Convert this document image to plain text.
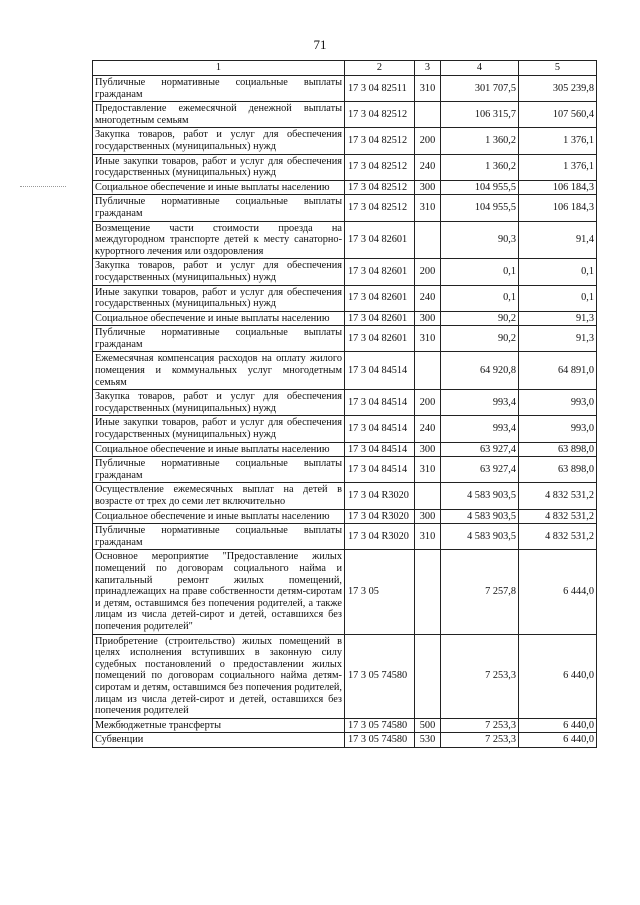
71
1	2	3	4	5
Публичные нормативные социальные выплаты гражданам	17 3 04 82511	310	301 707,5	305 239,8
Предоставление ежемесячной денежной выплаты многодетным семьям	17 3 04 82512		106 315,7	107 560,4
Закупка товаров, работ и услуг для обеспечения государственных (муниципальных) нужд	17 3 04 82512	200	1 360,2	1 376,1
Иные закупки товаров, работ и услуг для обеспечения государственных (муниципальных) нужд	17 3 04 82512	240	1 360,2	1 376,1
Социальное обеспечение и иные выплаты населению	17 3 04 82512	300	104 955,5	106 184,3
Публичные нормативные социальные выплаты гражданам	17 3 04 82512	310	104 955,5	106 184,3
Возмещение части стоимости проезда на междугородном транспорте детей к месту санаторно-курортного лечения или оздоровления	17 3 04 82601		90,3	91,4
Закупка товаров, работ и услуг для обеспечения государственных (муниципальных) нужд	17 3 04 82601	200	0,1	0,1
Иные закупки товаров, работ и услуг для обеспечения государственных (муниципальных) нужд	17 3 04 82601	240	0,1	0,1
Социальное обеспечение и иные выплаты населению	17 3 04 82601	300	90,2	91,3
Публичные нормативные социальные выплаты гражданам	17 3 04 82601	310	90,2	91,3
Ежемесячная компенсация расходов на оплату жилого помещения и коммунальных услуг многодетным семьям	17 3 04 84514		64 920,8	64 891,0
Закупка товаров, работ и услуг для обеспечения государственных (муниципальных) нужд	17 3 04 84514	200	993,4	993,0
Иные закупки товаров, работ и услуг для обеспечения государственных (муниципальных) нужд	17 3 04 84514	240	993,4	993,0
Социальное обеспечение и иные выплаты населению	17 3 04 84514	300	63 927,4	63 898,0
Публичные нормативные социальные выплаты гражданам	17 3 04 84514	310	63 927,4	63 898,0
Осуществление ежемесячных выплат на детей в возрасте от трех до семи лет включительно	17 3 04 R3020		4 583 903,5	4 832 531,2
Социальное обеспечение и иные выплаты населению	17 3 04 R3020	300	4 583 903,5	4 832 531,2
Публичные нормативные социальные выплаты гражданам	17 3 04 R3020	310	4 583 903,5	4 832 531,2
Основное мероприятие "Предоставление жилых помещений по договорам социального найма и капитальный ремонт жилых помещений, принадлежащих на праве собственности детям-сиротам и детям, оставшимся без попечения родителей, а также лицам из числа детей-сирот и детей, оставшихся без попечения родителей"	17 3 05		7 257,8	6 444,0
Приобретение (строительство) жилых помещений в целях исполнения вступивших в законную силу судебных постановлений о предоставлении жилых помещений по договорам социального найма детям-сиротам и детям, оставшимся без попечения родителей, лицам из числа детей-сирот и детей, оставшихся без попечения родителей	17 3 05 74580		7 253,3	6 440,0
Межбюджетные трансферты	17 3 05 74580	500	7 253,3	6 440,0
Субвенции	17 3 05 74580	530	7 253,3	6 440,0
